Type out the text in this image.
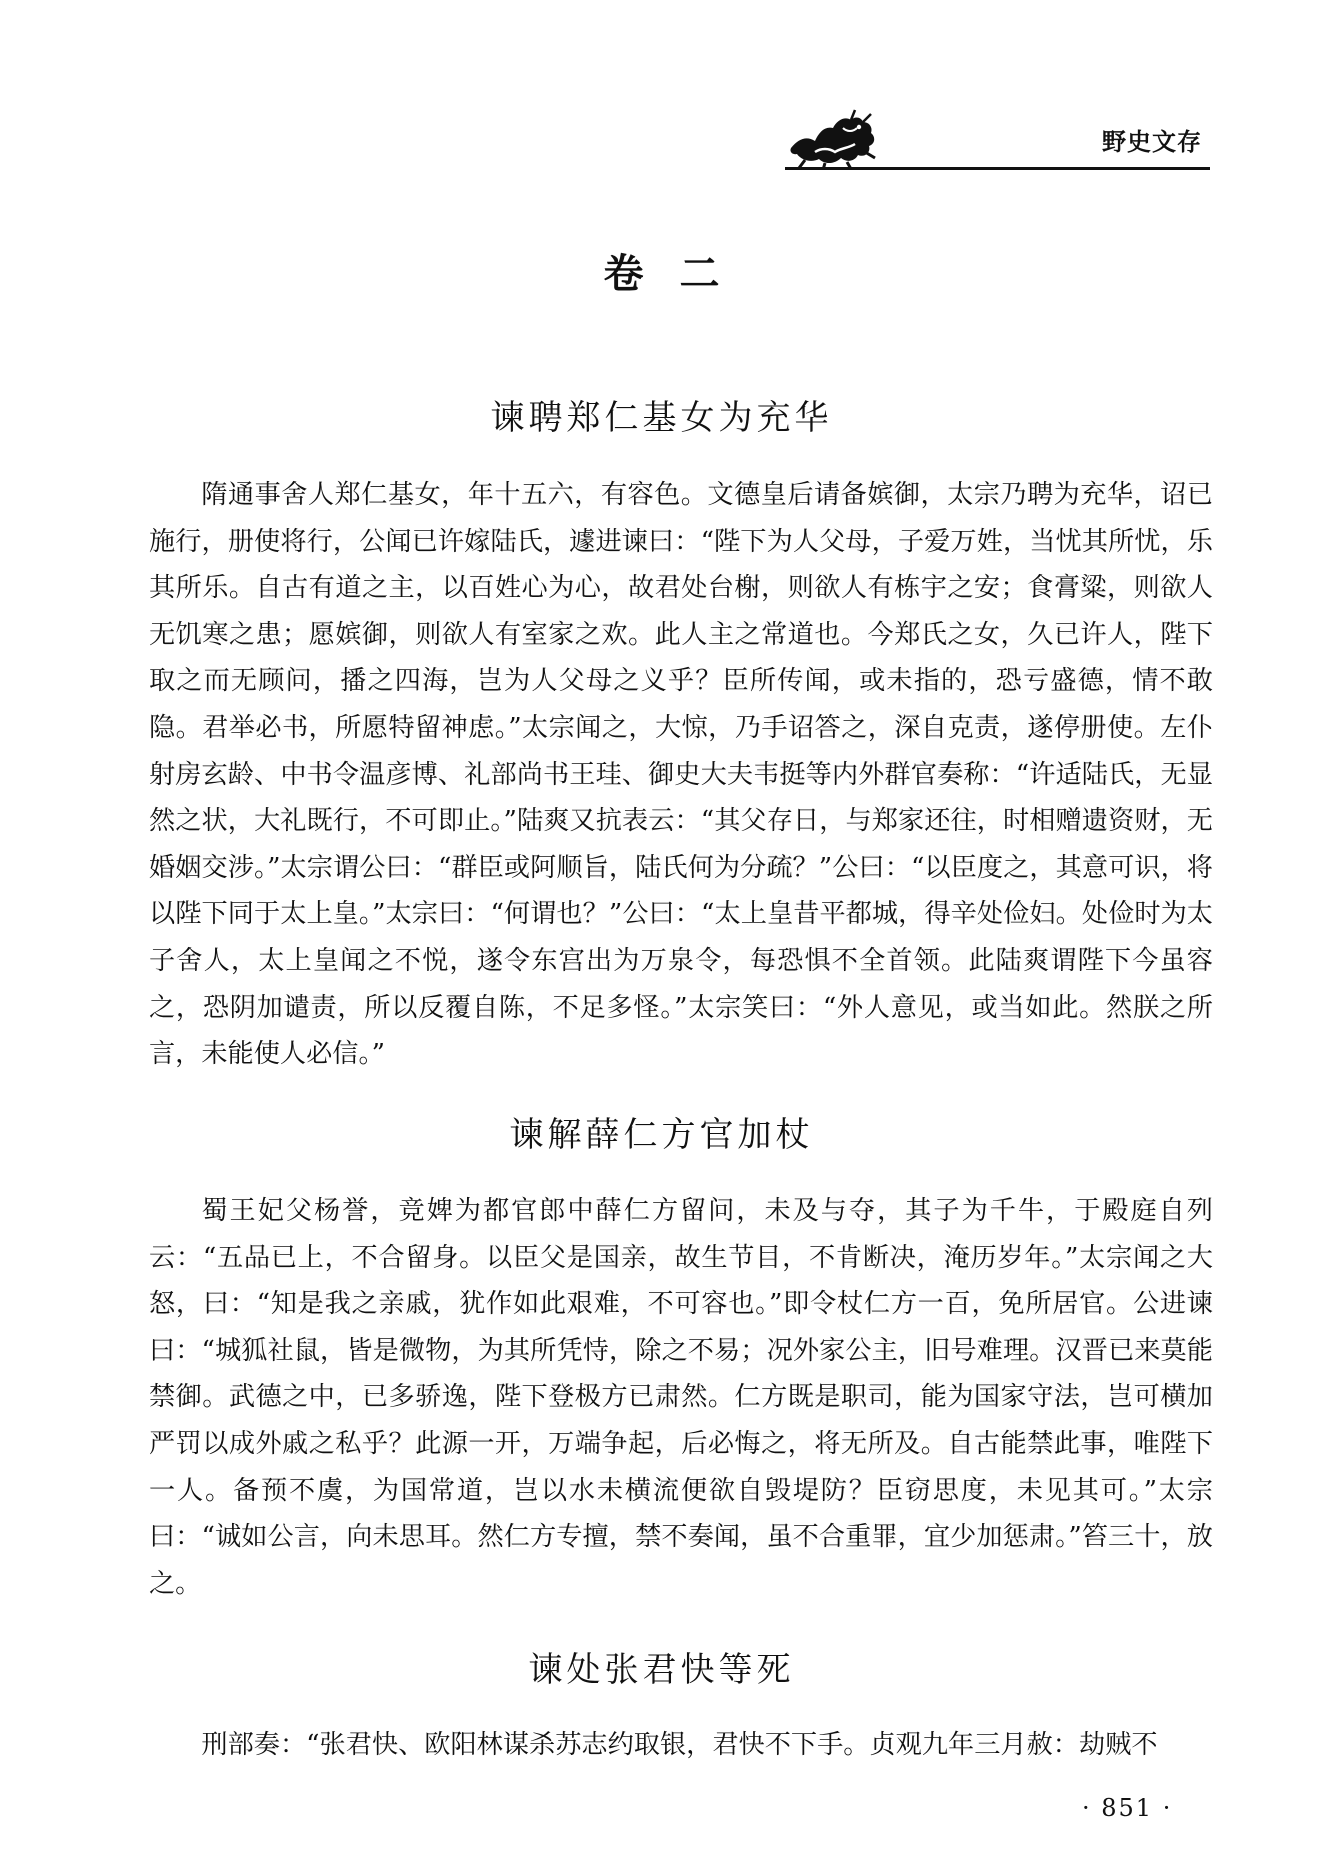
野史文存
卷二
谏聘郑仁基女为充华

隋通事舍人郑仁基女，年十五六，有容色。文德皇后请备嫔御，太宗乃聘为充华，诏已施行，册使将行，公闻已许嫁陆氏，遽进谏曰：“陛下为人父母，子爱万姓，当忧其所忧，乐其所乐。自古有道之主，以百姓心为心，故君处台榭，则欲人有栋宇之安；食膏粱，则欲人无饥寒之患；愿嫔御，则欲人有室家之欢。此人主之常道也。今郑氏之女，久已许人，陛下取之而无顾问，播之四海，岂为人父母之义乎？臣所传闻，或未指的，恐亏盛德，情不敢隐。君举必书，所愿特留神虑。”太宗闻之，大惊，乃手诏答之，深自克责，遂停册使。左仆射房玄龄、中书令温彦博、礼部尚书王珪、御史大夫韦挺等内外群官奏称：“许适陆氏，无显然之状，大礼既行，不可即止。”陆爽又抗表云：“其父存日，与郑家还往，时相赠遗资财，无婚姻交涉。”太宗谓公曰：“群臣或阿顺旨，陆氏何为分疏？”公曰：“以臣度之，其意可识，将以陛下同于太上皇。”太宗曰：“何谓也？”公曰：“太上皇昔平都城，得辛处俭妇。处俭时为太子舍人，太上皇闻之不悦，遂令东宫出为万泉令，每恐惧不全首领。此陆爽谓陛下今虽容之，恐阴加谴责，所以反覆自陈，不足多怪。”太宗笑曰：“外人意见，或当如此。然朕之所言，未能使人必信。”

谏解薛仁方官加杖

蜀王妃父杨誉，竞婢为都官郎中薛仁方留问，未及与夺，其子为千牛，于殿庭自列云：“五品已上，不合留身。以臣父是国亲，故生节目，不肯断决，淹历岁年。”太宗闻之大怒，曰：“知是我之亲戚，犹作如此艰难，不可容也。”即令杖仁方一百，免所居官。公进谏曰：“城狐社鼠，皆是微物，为其所凭恃，除之不易；况外家公主，旧号难理。汉晋已来莫能禁御。武德之中，已多骄逸，陛下登极方已肃然。仁方既是职司，能为国家守法，岂可横加严罚以成外戚之私乎？此源一开，万端争起，后必悔之，将无所及。自古能禁此事，唯陛下一人。备预不虞，为国常道，岂以水未横流便欲自毁堤防？臣窃思度，未见其可。”太宗曰：“诚如公言，向未思耳。然仁方专擅，禁不奏闻，虽不合重罪，宜少加惩肃。”笞三十，放之。

谏处张君快等死

刑部奏：“张君快、欧阳林谋杀苏志约取银，君快不下手。贞观九年三月赦：劫贼不

· 851 ·
